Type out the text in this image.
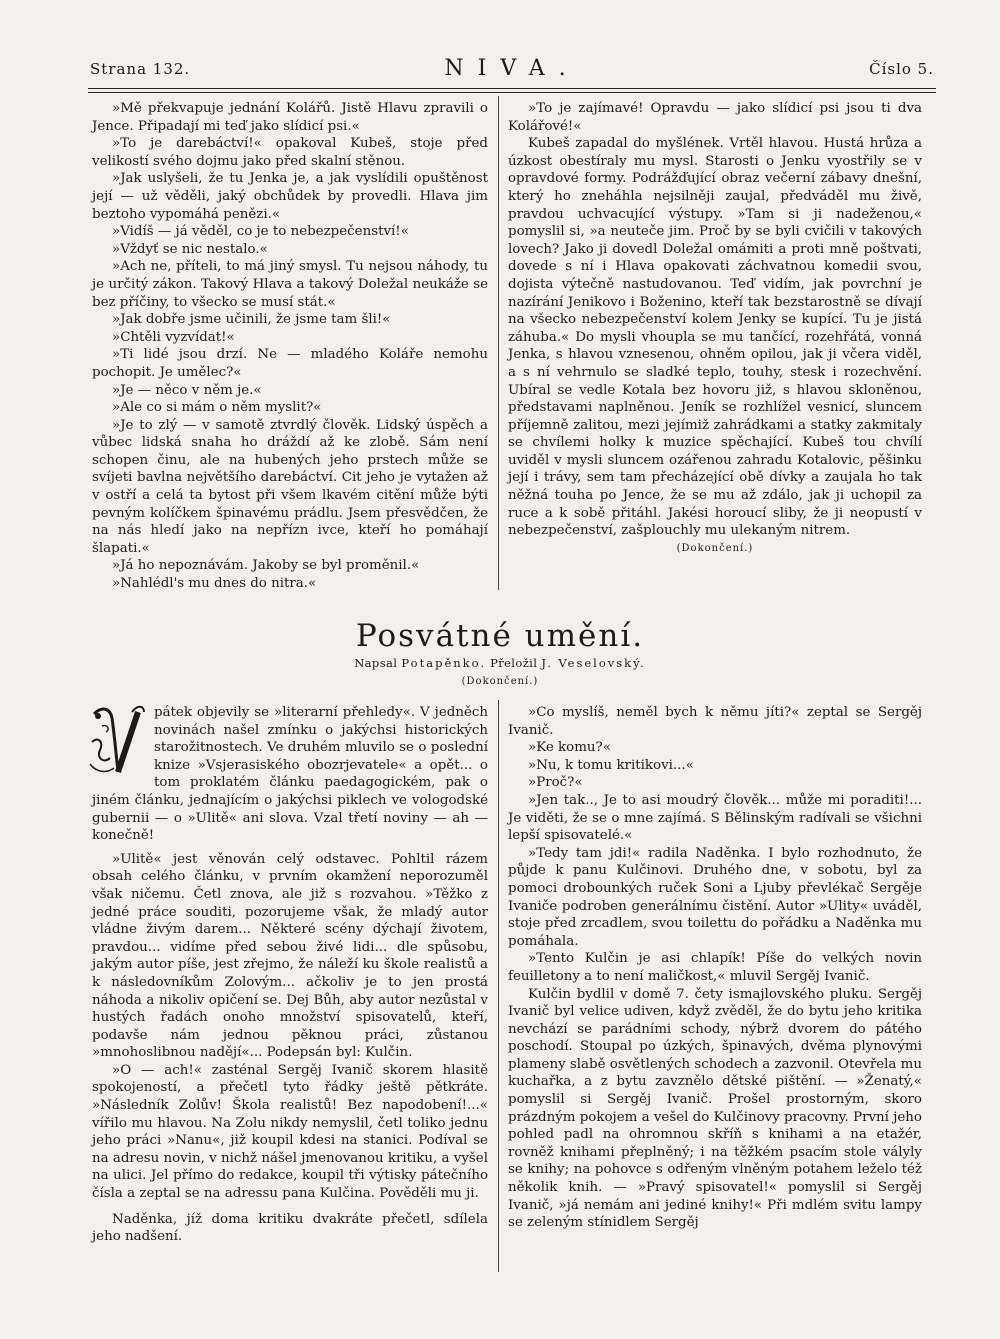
Strana 132.	NIVA.	Číslo 5.

»Mě překvapuje jednání Kolářů. Jistě Hlavu zpravili o Jence. Připadají mi teď jako slídicí psi.«

»To je darebáctví!« opakoval Kubeš, stoje před velikostí svého dojmu jako před skalní stěnou.

»Jak uslyšeli, že tu Jenka je, a jak vyslídili opuštěnost její — už věděli, jaký obchůdek by provedli. Hlava jim beztoho vypomáhá penězi.«

»Vidíš — já věděl, co je to nebezpečenství!«

»Vždyť se nic nestalo.«

»Ach ne, příteli, to má jiný smysl. Tu nejsou náhody, tu je určitý zákon. Takový Hlava a takový Doležal neukáže se bez příčiny, to všecko se musí stát.«

»Jak dobře jsme učinili, že jsme tam šli!«

»Chtěli vyzvídat!«

»Ti lidé jsou drzí. Ne — mladého Koláře nemohu pochopit. Je umělec?«

»Je — něco v něm je.«

»Ale co si mám o něm myslit?«

»Je to zlý — v samotě ztvrdlý člověk. Lidský úspěch a vůbec lidská snaha ho dráždí až ke zlobě. Sám není schopen činu, ale na hubených jeho prstech může se svíjeti bavlna největšího darebáctví. Cit jeho je vytažen až v ostří a celá ta bytost při všem lkavém citění může býti pevným kolíčkem špinavému prádlu. Jsem přesvědčen, že na nás hledí jako na nepřízn ivce, kteří ho pomáhají šlapati.«

»Já ho nepoznávám. Jakoby se byl proměnil.«

»Nahlédl's mu dnes do nitra.«

»To je zajímavé! Opravdu — jako slídicí psi jsou ti dva Kolářové!«

Kubeš zapadal do myšlének. Vrtěl hlavou. Hustá hrůza a úzkost obestíraly mu mysl. Starosti o Jenku vyostřily se v opravdové formy. Podrážďující obraz večerní zábavy dnešní, který ho zneháhla nejsilněji zaujal, předváděl mu živě, pravdou uchvacující výstupy. »Tam si ji nadeženou,« pomyslil si, »a neuteče jim. Proč by se byli cvičili v takových lovech? Jako ji dovedl Doležal omámiti a proti mně poštvati, dovede s ní i Hlava opakovati záchvatnou komedii svou, dojista výtečně nastudovanou. Teď vidím, jak povrchní je nazírání Jenikovo i Boženino, kteří tak bezstarostně se dívají na všecko nebezpečenství kolem Jenky se kupící. Tu je jistá záhuba.« Do mysli vhoupla se mu tančící, rozehřátá, vonná Jenka, s hlavou vznesenou, ohněm opilou, jak ji včera viděl, a s ní vehrnulo se sladké teplo, touhy, stesk i rozechvění. Ubíral se vedle Kotala bez hovoru již, s hlavou skloněnou, představami naplněnou. Jeník se rozhlížel vesnicí, sluncem příjemně zalitou, mezi jejímiž zahrádkami a statky zakmitaly se chvílemi holky k muzice spěchající. Kubeš tou chvílí uviděl v mysli sluncem ozářenou zahradu Kotalovic, pěšinku její i trávy, sem tam přecházející obě dívky a zaujala ho tak něžná touha po Jence, že se mu až zdálo, jak ji uchopil za ruce a k sobě přitáhl. Jakési horoucí sliby, že ji neopustí v nebezpečenství, zašplouchly mu ulekaným nitrem.

(Dokončení.)

Posvátné umění.
Napsal Potapěnko. Přeložil J. Veselovský.
(Dokončení.)

pátek objevily se »literarní přehledy«. V jedněch novinách našel zmínku o jakýchsi historických starožitnostech. Ve druhém mluvilo se o poslední knize »Vsjerasiského obozrjevatele« a opět... o tom proklatém článku paedagogickém, pak o jiném článku, jednajícím o jakýchsi piklech ve vologodské gubernii — o »Ulitě« ani slova. Vzal třetí noviny — ah — konečně!

»Ulitě« jest věnován celý odstavec. Pohltil rázem obsah celého článku, v prvním okamžení neporozuměl však ničemu. Četl znova, ale již s rozvahou. »Těžko z jedné práce souditi, pozorujeme však, že mladý autor vládne živým darem... Některé scény dýchají životem, pravdou... vidíme před sebou živé lidi... dle spůsobu, jakým autor píše, jest zřejmo, že náleží ku škole realistů a k následovníkům Zolovým... ačkoliv je to jen prostá náhoda a nikoliv opičení se. Dej Bůh, aby autor nezůstal v hustých řadách onoho množství spisovatelů, kteří, podavše nám jednou pěknou práci, zůstanou »mnohoslibnou nadějí«... Podepsán byl: Kulčin.

»O — ach!« zasténal Sergěj Ivanič skorem hlasitě spokojeností, a přečetl tyto řádky ještě pětkráte. »Následník Zolův! Škola realistů! Bez napodobení!...« vířilo mu hlavou. Na Zolu nikdy nemyslil, četl toliko jednu jeho práci »Nanu«, již koupil kdesi na stanici. Podíval se na adresu novin, v nichž nášel jmenovanou kritiku, a vyšel na ulici. Jel přímo do redakce, koupil tři výtisky pátečního čísla a zeptal se na adressu pana Kulčina. Pověděli mu ji.

Naděnka, jíž doma kritiku dvakráte přečetl, sdílela jeho nadšení.

»Co myslíš, neměl bych k němu jíti?« zeptal se Sergěj Ivanič.

»Ke komu?«

»Nu, k tomu kritikovi...«

»Proč?«

»Jen tak.., Je to asi moudrý člověk... může mi poraditi!... Je viděti, že se o mne zajímá. S Bělinským radívali se všichni lepší spisovatelé.«

»Tedy tam jdi!« radila Naděnka. I bylo rozhodnuto, že půjde k panu Kulčinovi. Druhého dne, v sobotu, byl za pomoci drobounkých ruček Soni a Ljuby převlékač Sergěje Ivaniče podroben generálnímu čistění. Autor »Ulity« uváděl, stoje před zrcadlem, svou toilettu do pořádku a Naděnka mu pomáhala.

»Tento Kulčin je asi chlapík! Píše do velkých novin feuilletony a to není maličkost,« mluvil Sergěj Ivanič.

Kulčin bydlil v domě 7. čety ismajlovského pluku. Sergěj Ivanič byl velice udiven, když zvěděl, že do bytu jeho kritika nevchází se parádními schody, nýbrž dvorem do pátého poschodí. Stoupal po úzkých, špinavých, dvěma plynovými plameny slabě osvětlených schodech a zazvonil. Otevřela mu kuchařka, a z bytu zavznělo dětské pištění. — »Ženatý,« pomyslil si Sergěj Ivanič. Prošel prostorným, skoro prázdným pokojem a vešel do Kulčinovy pracovny. První jeho pohled padl na ohromnou skříň s knihami a na etažér, rovněž knihami přeplněný; i na těžkém psacím stole vályly se knihy; na pohovce s odřeným vlněným potahem leželo též několik knih. — »Pravý spisovatel!« pomyslil si Sergěj Ivanič, »já nemám ani jediné knihy!« Při mdlém svitu lampy se zeleným stínidlem Sergěj
